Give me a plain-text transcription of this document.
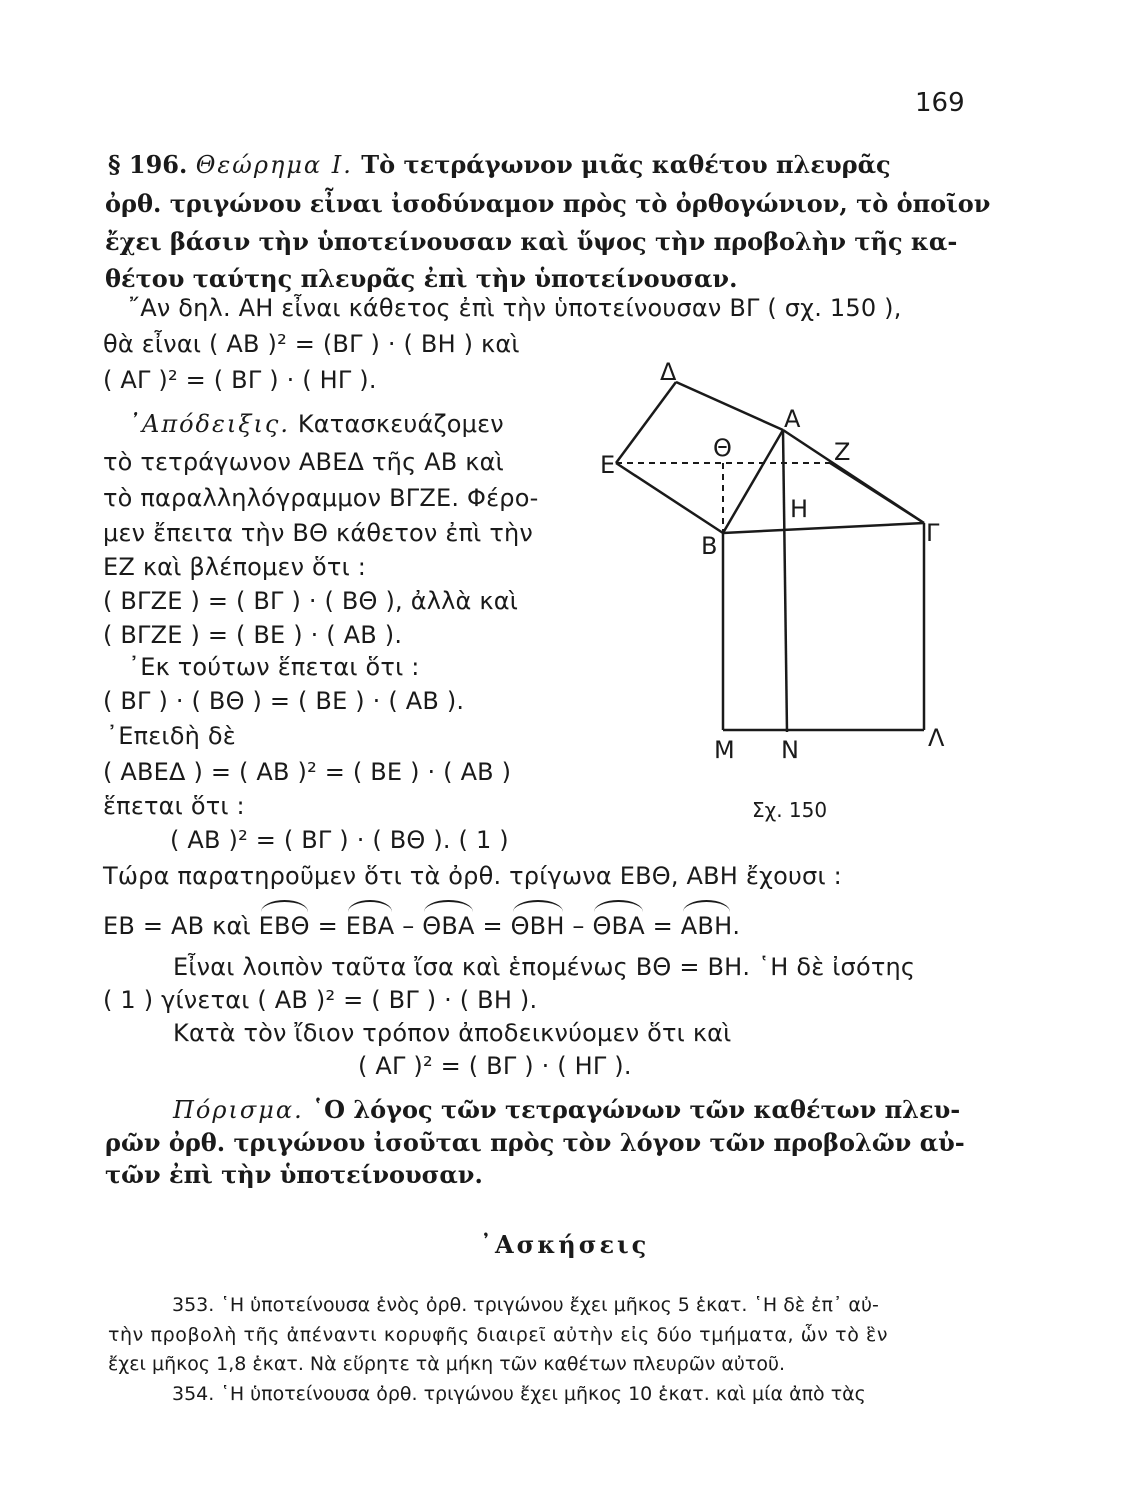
169
§ 196. Θεώρημα Ι. Τὸ τετράγωνον μιᾶς καθέτου πλευρᾶς
ὀρθ. τριγώνου εἶναι ἰσοδύναμον πρὸς τὸ ὀρθογώνιον, τὸ ὁποῖον
ἔχει βάσιν τὴν ὑποτείνουσαν καὶ ὕψος τὴν προβολὴν τῆς κα-
θέτου ταύτης πλευρᾶς ἐπὶ τὴν ὑποτείνουσαν.
῎Αν δηλ. ΑΗ εἶναι κάθετος ἐπὶ τὴν ὑποτείνουσαν ΒΓ ( σχ. 150 ),
θὰ εἶναι ( ΑΒ )² = (ΒΓ ) · ( ΒΗ ) καὶ
( ΑΓ )² = ( ΒΓ ) · ( ΗΓ ).
᾿Απόδειξις. Κατασκευάζομεν
τὸ τετράγωνον ΑΒΕΔ τῆς ΑΒ καὶ
τὸ παραλληλόγραμμον ΒΓΖΕ. Φέρο-
μεν ἔπειτα τὴν ΒΘ κάθετον ἐπὶ τὴν
ΕΖ καὶ βλέπομεν ὅτι :
( ΒΓΖΕ ) = ( ΒΓ ) · ( ΒΘ ), ἀλλὰ καὶ
( ΒΓΖΕ ) = ( ΒΕ ) · ( ΑΒ ).
᾿Εκ τούτων ἕπεται ὅτι :
( ΒΓ ) · ( ΒΘ ) = ( ΒΕ ) · ( ΑΒ ).
᾿Επειδὴ δὲ
( ΑΒΕΔ ) = ( ΑΒ )² = ( ΒΕ ) · ( ΑΒ )
ἕπεται ὅτι :
( ΑΒ )² = ( ΒΓ ) · ( ΒΘ ). ( 1 )
Τώρα παρατηροῦμεν ὅτι τὰ ὀρθ. τρίγωνα ΕΒΘ, ΑΒΗ ἔχουσι :
ΕΒ = ΑΒ καὶ ΕΒΘ = ΕΒΑ – ΘΒΑ = ΘΒΗ – ΘΒΑ = ΑΒΗ.
Εἶναι λοιπὸν ταῦτα ἴσα καὶ ἑπομένως ΒΘ = ΒΗ. ῾Η δὲ ἰσότης
( 1 ) γίνεται ( ΑΒ )² = ( ΒΓ ) · ( ΒΗ ).
Κατὰ τὸν ἴδιον τρόπον ἀποδεικνύομεν ὅτι καὶ
( ΑΓ )² = ( ΒΓ ) · ( ΗΓ ).
Πόρισμα. ῾Ο λόγος τῶν τετραγώνων τῶν καθέτων πλευ-
ρῶν ὀρθ. τριγώνου ἰσοῦται πρὸς τὸν λόγον τῶν προβολῶν αὐ-
τῶν ἐπὶ τὴν ὑποτείνουσαν.
᾿Ασκήσεις
353. ῾Η ὑποτείνουσα ἑνὸς ὀρθ. τριγώνου ἔχει μῆκος 5 ἑκατ. ῾Η δὲ ἐπ᾿ αὐ-
τὴν προβολὴ τῆς ἀπέναντι κορυφῆς διαιρεῖ αὐτὴν εἰς δύο τμήματα, ὧν τὸ ἓν
ἔχει μῆκος 1,8 ἑκατ. Νὰ εὕρητε τὰ μήκη τῶν καθέτων πλευρῶν αὐτοῦ.
354. ῾Η ὑποτείνουσα ὀρθ. τριγώνου ἔχει μῆκος 10 ἑκατ. καὶ μία ἀπὸ τὰς
Δ
Α
Ε
Θ	Ζ
Η
Β	Γ
Μ Ν	Λ
Σχ. 150
